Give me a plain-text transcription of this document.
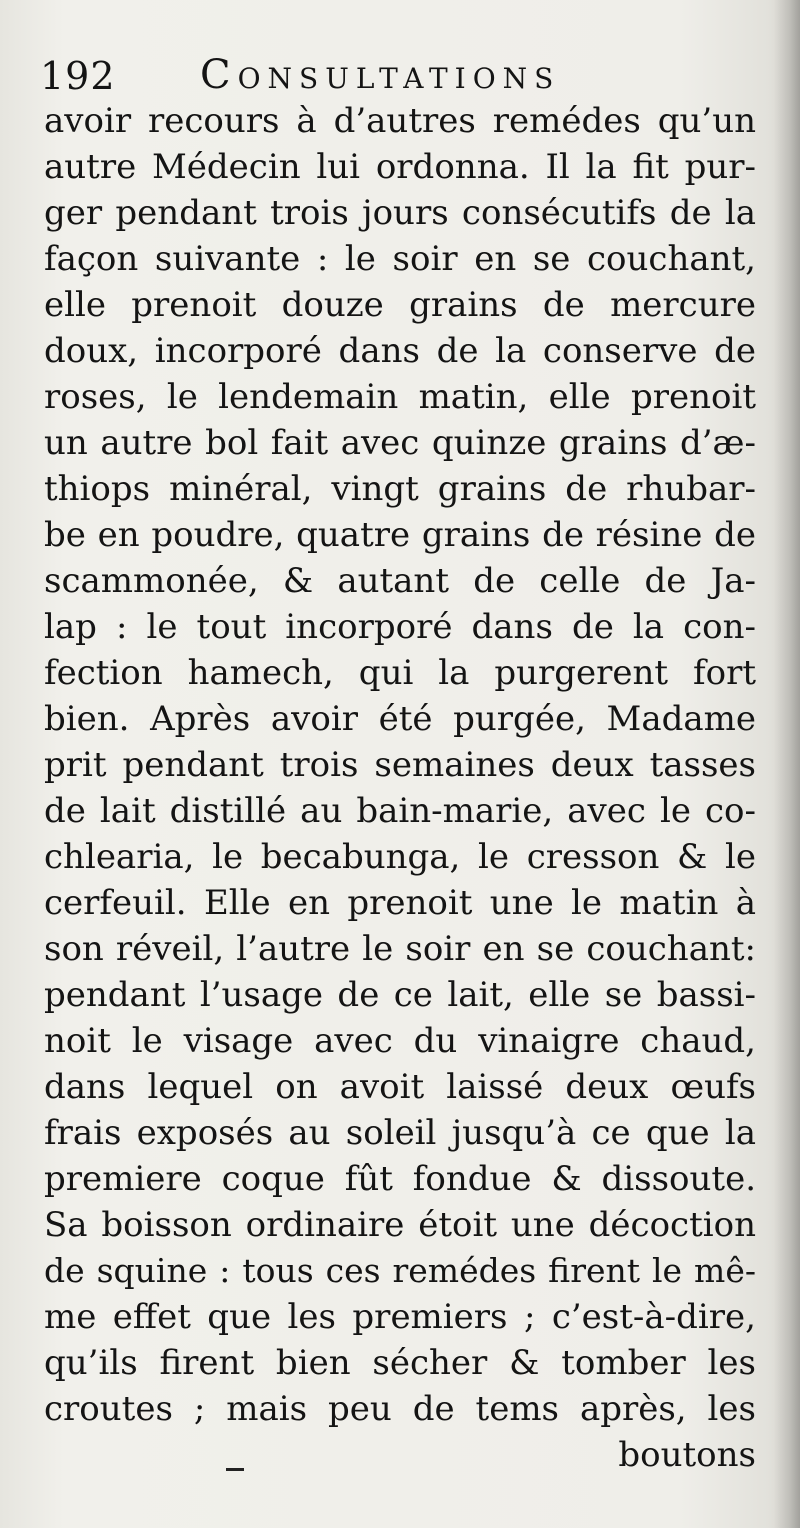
192 Consultations
avoir recours à d’autres remédes qu’un
autre Médecin lui ordonna. Il la fit pur-
ger pendant trois jours consécutifs de la
façon suivante : le soir en se couchant,
elle prenoit douze grains de mercure
doux, incorporé dans de la conserve de
roses, le lendemain matin, elle prenoit
un autre bol fait avec quinze grains d’æ-
thiops minéral, vingt grains de rhubar-
be en poudre, quatre grains de résine de
scammonée, & autant de celle de Ja-
lap : le tout incorporé dans de la con-
fection hamech, qui la purgerent fort
bien. Après avoir été purgée, Madame
prit pendant trois semaines deux tasses
de lait distillé au bain-marie, avec le co-
chlearia, le becabunga, le cresson & le
cerfeuil. Elle en prenoit une le matin à
son réveil, l’autre le soir en se couchant:
pendant l’usage de ce lait, elle se bassi-
noit le visage avec du vinaigre chaud,
dans lequel on avoit laissé deux œufs
frais exposés au soleil jusqu’à ce que la
premiere coque fût fondue & dissoute.
Sa boisson ordinaire étoit une décoction
de squine : tous ces remédes firent le mê-
me effet que les premiers ; c’est-à-dire,
qu’ils firent bien sécher & tomber les
croutes ; mais peu de tems après, les
boutons
